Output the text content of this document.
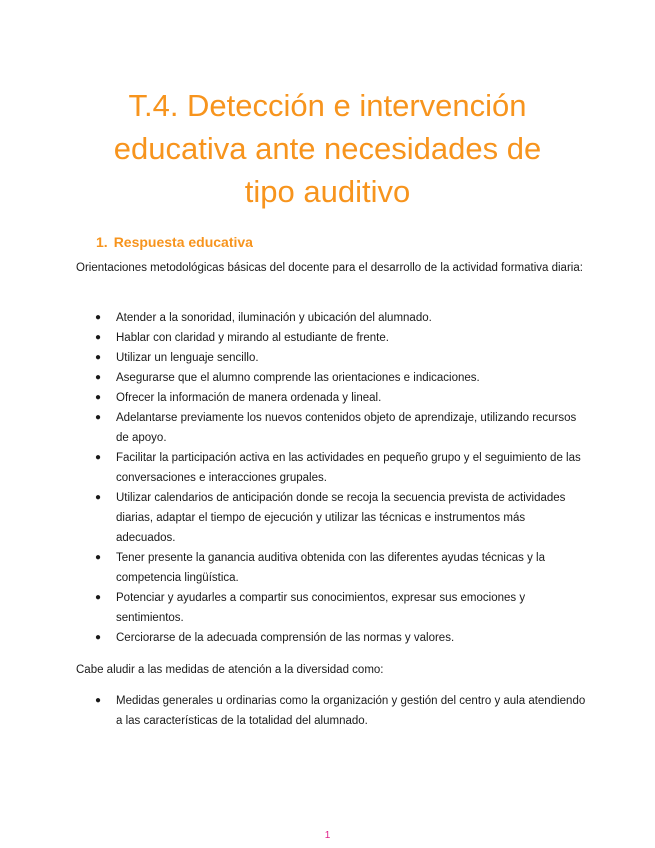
T.4. Detección e intervención educativa ante necesidades de tipo auditivo
1. Respuesta educativa

Orientaciones metodológicas básicas del docente para el desarrollo de la actividad formativa diaria:

● Atender a la sonoridad, iluminación y ubicación del alumnado.
● Hablar con claridad y mirando al estudiante de frente.
● Utilizar un lenguaje sencillo.
● Asegurarse que el alumno comprende las orientaciones e indicaciones.
● Ofrecer la información de manera ordenada y lineal.
● Adelantarse previamente los nuevos contenidos objeto de aprendizaje, utilizando recursos de apoyo.
● Facilitar la participación activa en las actividades en pequeño grupo y el seguimiento de las conversaciones e interacciones grupales.
● Utilizar calendarios de anticipación donde se recoja la secuencia prevista de actividades diarias, adaptar el tiempo de ejecución y utilizar las técnicas e instrumentos más adecuados.
● Tener presente la ganancia auditiva obtenida con las diferentes ayudas técnicas y la competencia lingüística.
● Potenciar y ayudarles a compartir sus conocimientos, expresar sus emociones y sentimientos.
● Cerciorarse de la adecuada comprensión de las normas y valores.

Cabe aludir a las medidas de atención a la diversidad como:

● Medidas generales u ordinarias como la organización y gestión del centro y aula atendiendo a las características de la totalidad del alumnado.
1
